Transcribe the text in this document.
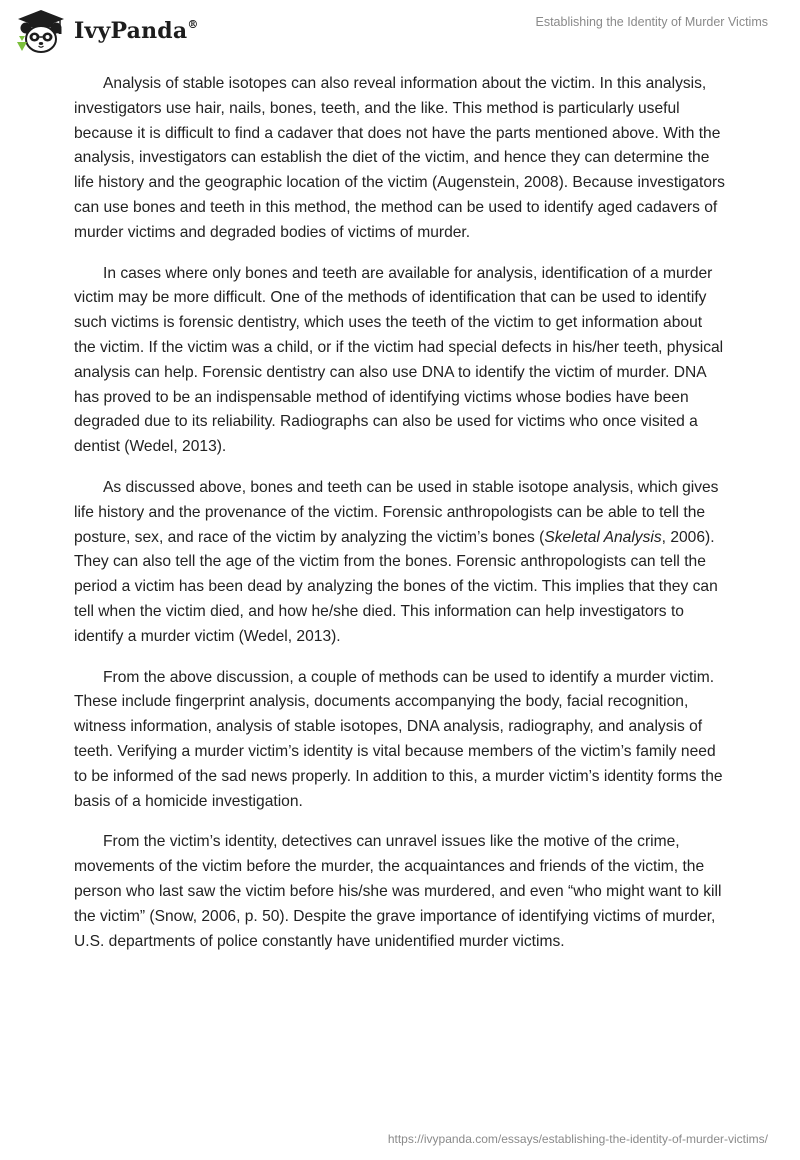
IvyPanda®	Establishing the Identity of Murder Victims

Analysis of stable isotopes can also reveal information about the victim. In this analysis, investigators use hair, nails, bones, teeth, and the like. This method is particularly useful because it is difficult to find a cadaver that does not have the parts mentioned above. With the analysis, investigators can establish the diet of the victim, and hence they can determine the life history and the geographic location of the victim (Augenstein, 2008). Because investigators can use bones and teeth in this method, the method can be used to identify aged cadavers of murder victims and degraded bodies of victims of murder.

In cases where only bones and teeth are available for analysis, identification of a murder victim may be more difficult. One of the methods of identification that can be used to identify such victims is forensic dentistry, which uses the teeth of the victim to get information about the victim. If the victim was a child, or if the victim had special defects in his/her teeth, physical analysis can help. Forensic dentistry can also use DNA to identify the victim of murder. DNA has proved to be an indispensable method of identifying victims whose bodies have been degraded due to its reliability. Radiographs can also be used for victims who once visited a dentist (Wedel, 2013).

As discussed above, bones and teeth can be used in stable isotope analysis, which gives life history and the provenance of the victim. Forensic anthropologists can be able to tell the posture, sex, and race of the victim by analyzing the victim’s bones (Skeletal Analysis, 2006). They can also tell the age of the victim from the bones. Forensic anthropologists can tell the period a victim has been dead by analyzing the bones of the victim. This implies that they can tell when the victim died, and how he/she died. This information can help investigators to identify a murder victim (Wedel, 2013).

From the above discussion, a couple of methods can be used to identify a murder victim. These include fingerprint analysis, documents accompanying the body, facial recognition, witness information, analysis of stable isotopes, DNA analysis, radiography, and analysis of teeth. Verifying a murder victim’s identity is vital because members of the victim’s family need to be informed of the sad news properly. In addition to this, a murder victim’s identity forms the basis of a homicide investigation.

From the victim’s identity, detectives can unravel issues like the motive of the crime, movements of the victim before the murder, the acquaintances and friends of the victim, the person who last saw the victim before his/she was murdered, and even “who might want to kill the victim” (Snow, 2006, p. 50). Despite the grave importance of identifying victims of murder, U.S. departments of police constantly have unidentified murder victims.

https://ivypanda.com/essays/establishing-the-identity-of-murder-victims/
